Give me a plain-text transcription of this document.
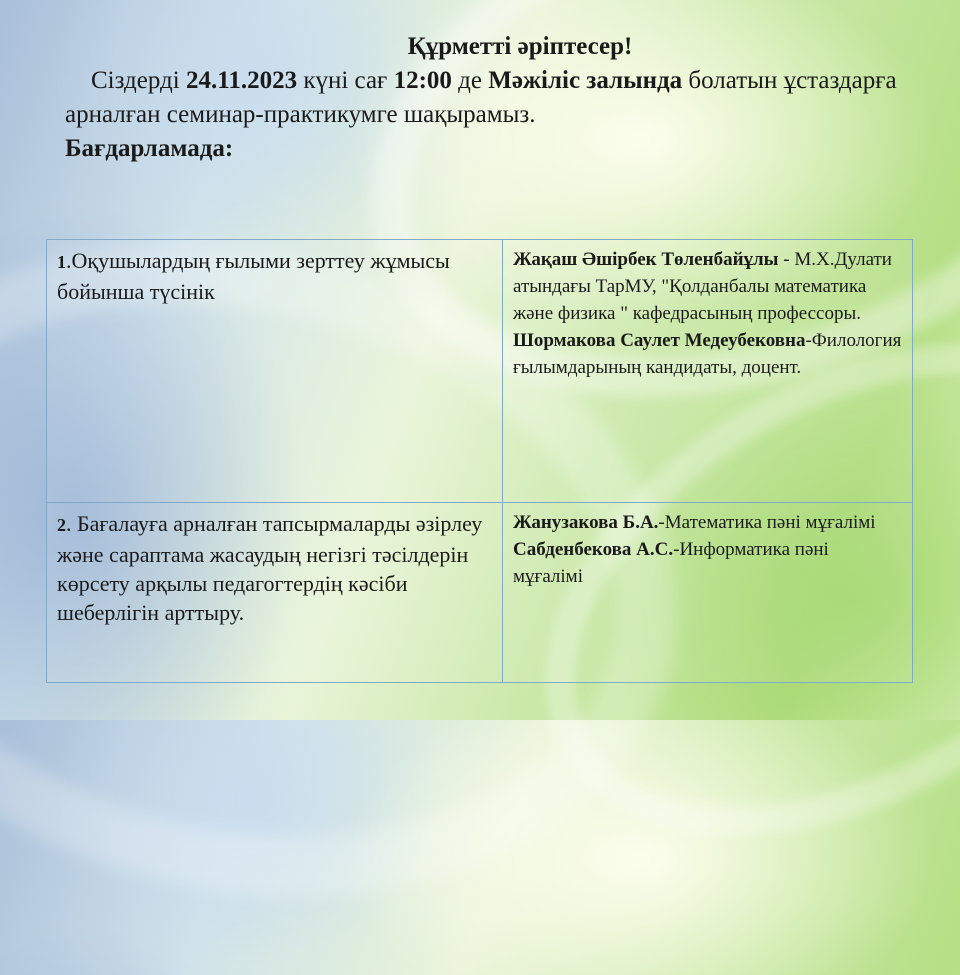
Құрметті әріптесер!
Сіздерді 24.11.2023 күні сағ 12:00 де Мәжіліс залында болатын ұстаздарға арналған семинар-практикумге шақырамыз.
Бағдарламада:
1.Оқушылардың ғылыми зерттеу жұмысы бойынша түсінік	Жақаш Әшірбек Төленбайұлы - М.Х.Дулати атындағы ТарМУ, "Қолданбалы математика және физика " кафедрасының профессоры.
Шормакова Саулет Медеубековна-Филология ғылымдарының кандидаты, доцент.

2. Бағалауға арналған тапсырмаларды әзірлеу және сараптама жасаудың негізгі тәсілдерін көрсету арқылы педагогтердің кәсіби шеберлігін арттыру.	Жанузакова Б.А.-Математика пәні мұғалімі
Сабденбекова А.С.-Информатика пәні мұғалімі
